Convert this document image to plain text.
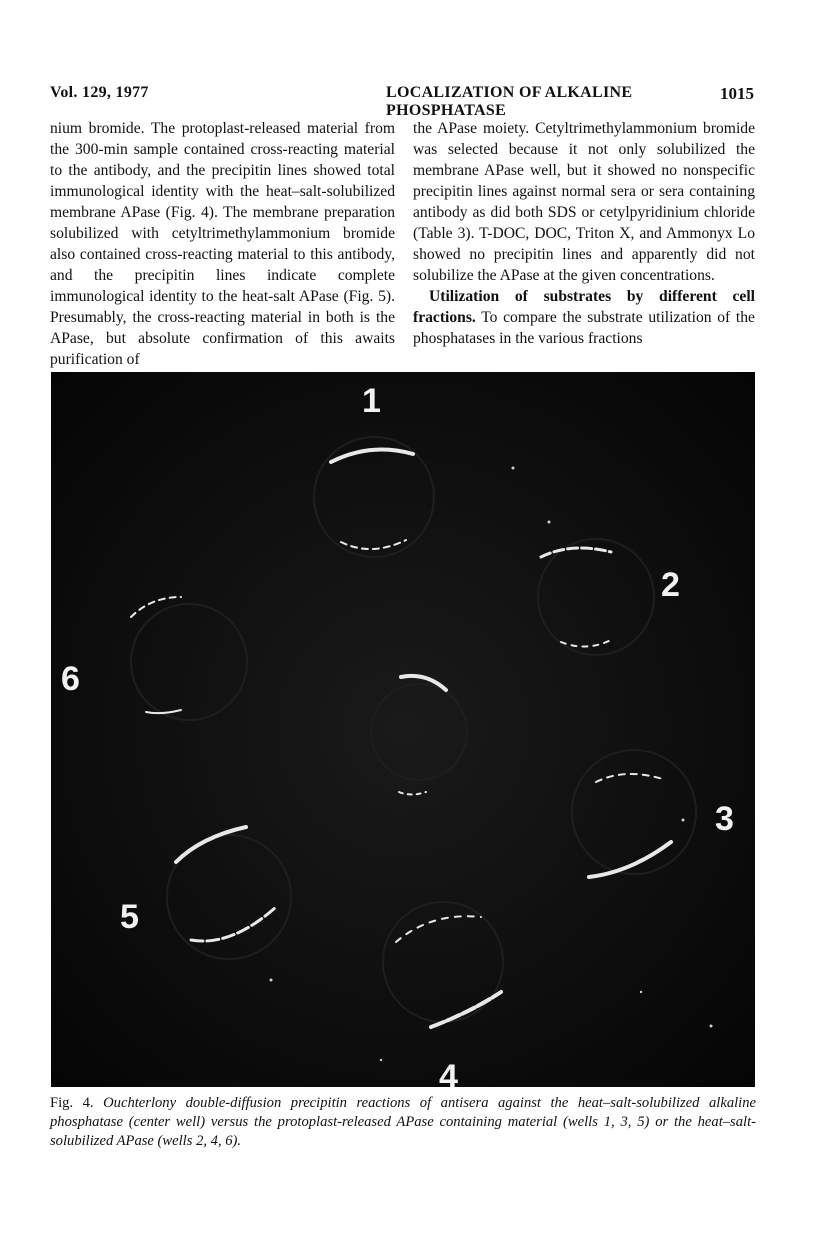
Vol. 129, 1977	LOCALIZATION OF ALKALINE PHOSPHATASE
1015

nium bromide. The protoplast-released material from the 300-min sample contained cross-reacting material to the antibody, and the precipitin lines showed total immunological identity with the heat–salt-solubilized membrane APase (Fig. 4). The membrane preparation solubilized with cetyltrimethylammonium bromide also contained cross-reacting material to this antibody, and the precipitin lines indicate complete immunological identity to the heat-salt APase (Fig. 5). Presumably, the cross-reacting material in both is the APase, but absolute confirmation of this awaits purification of

the APase moiety. Cetyltrimethylammonium bromide was selected because it not only solubilized the membrane APase well, but it showed no nonspecific precipitin lines against normal sera or sera containing antibody as did both SDS or cetylpyridinium chloride (Table 3). T-DOC, DOC, Triton X, and Ammonyx Lo showed no precipitin lines and apparently did not solubilize the APase at the given concentrations.

Utilization of substrates by different cell fractions. To compare the substrate utilization of the phosphatases in the various fractions

1
2
3
4
5
6
Fig. 4. Ouchterlony double-diffusion precipitin reactions of antisera against the heat–salt-solubilized alkaline phosphatase (center well) versus the protoplast-released APase containing material (wells 1, 3, 5) or the heat–salt-solubilized APase (wells 2, 4, 6).
